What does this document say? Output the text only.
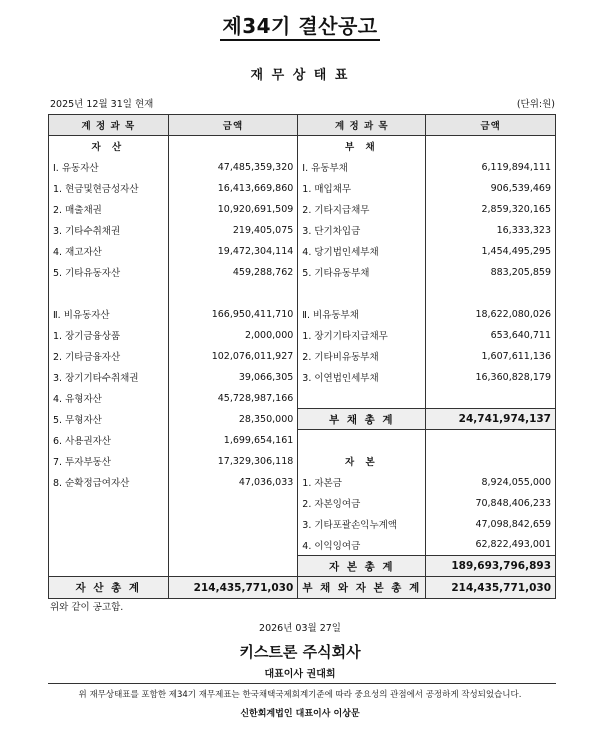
제34기 결산공고
재 무 상 태 표
2025년 12월 31일 현재	(단위:원)
계 정 과 목	금액	계 정 과 목	금액
자 산		부 채	
Ⅰ. 유동자산	47,485,359,320	Ⅰ. 유동부채	6,119,894,111
1. 현금및현금성자산	16,413,669,860	1. 매입채무	906,539,469
2. 매출채권	10,920,691,509	2. 기타지급채무	2,859,320,165
3. 기타수취채권	219,405,075	3. 단기차입금	16,333,323
4. 재고자산	19,472,304,114	4. 당기법인세부채	1,454,495,295
5. 기타유동자산	459,288,762	5. 기타유동부채	883,205,859

Ⅱ. 비유동자산	166,950,411,710	Ⅱ. 비유동부채	18,622,080,026
1. 장기금융상품	2,000,000	1. 장기기타지급채무	653,640,711
2. 기타금융자산	102,076,011,927	2. 기타비유동부채	1,607,611,136
3. 장기기타수취채권	39,066,305	3. 이연법인세부채	16,360,828,179
4. 유형자산	45,728,987,166		
5. 무형자산	28,350,000	부 채 총 계	24,741,974,137
6. 사용권자산	1,699,654,161		
7. 투자부동산	17,329,306,118	자 본	
8. 순확정급여자산	47,036,033	1. 자본금	8,924,055,000
		2. 자본잉여금	70,848,406,233
		3. 기타포괄손익누계액	47,098,842,659
		4. 이익잉여금	62,822,493,001
		자 본 총 계	189,693,796,893
자 산 총 계	214,435,771,030	부 채 와 자 본 총 계	214,435,771,030
위와 같이 공고함.
2026년 03월 27일
키스트론 주식회사
대표이사 권대희
위 재무상태표를 포함한 제34기 재무제표는 한국채택국제회계기준에 따라 중요성의 관점에서 공정하게 작성되었습니다.
신한회계법인 대표이사 이상문
